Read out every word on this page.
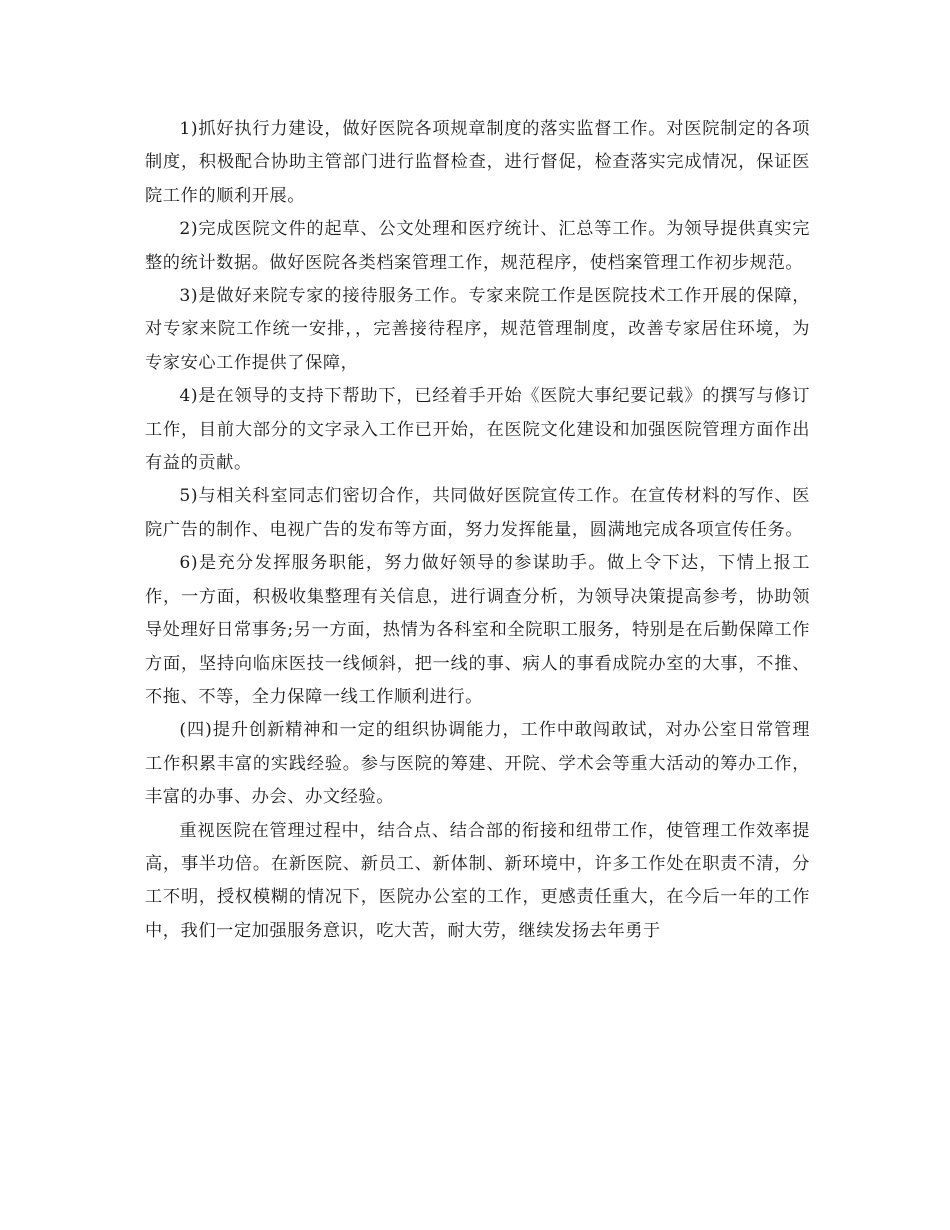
1)抓好执行力建设，做好医院各项规章制度的落实监督工作。对医院制定的各项制度，积极配合协助主管部门进行监督检查，进行督促，检查落实完成情况，保证医院工作的顺利开展。

2)完成医院文件的起草、公文处理和医疗统计、汇总等工作。为领导提供真实完整的统计数据。做好医院各类档案管理工作，规范程序，使档案管理工作初步规范。

3)是做好来院专家的接待服务工作。专家来院工作是医院技术工作开展的保障，对专家来院工作统一安排，，完善接待程序，规范管理制度，改善专家居住环境，为专家安心工作提供了保障，

4)是在领导的支持下帮助下，已经着手开始《医院大事纪要记载》的撰写与修订工作，目前大部分的文字录入工作已开始，在医院文化建设和加强医院管理方面作出有益的贡献。

5)与相关科室同志们密切合作，共同做好医院宣传工作。在宣传材料的写作、医院广告的制作、电视广告的发布等方面，努力发挥能量，圆满地完成各项宣传任务。

6)是充分发挥服务职能，努力做好领导的参谋助手。做上令下达，下情上报工作，一方面，积极收集整理有关信息，进行调查分析，为领导决策提高参考，协助领导处理好日常事务;另一方面，热情为各科室和全院职工服务，特别是在后勤保障工作方面，坚持向临床医技一线倾斜，把一线的事、病人的事看成院办室的大事，不推、不拖、不等，全力保障一线工作顺利进行。

(四)提升创新精神和一定的组织协调能力，工作中敢闯敢试，对办公室日常管理工作积累丰富的实践经验。参与医院的筹建、开院、学术会等重大活动的筹办工作，丰富的办事、办会、办文经验。

重视医院在管理过程中，结合点、结合部的衔接和纽带工作，使管理工作效率提高，事半功倍。在新医院、新员工、新体制、新环境中，许多工作处在职责不清，分工不明，授权模糊的情况下，医院办公室的工作，更感责任重大，在今后一年的工作中，我们一定加强服务意识，吃大苦，耐大劳，继续发扬去年勇于
